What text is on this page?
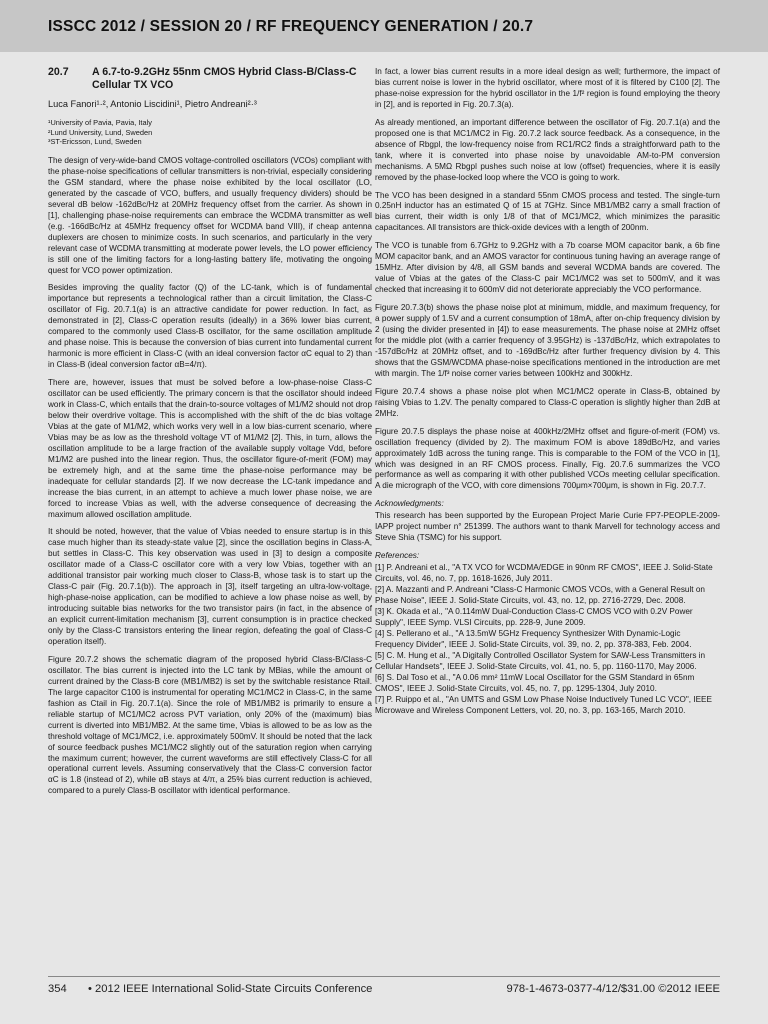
ISSCC 2012 / SESSION 20 / RF FREQUENCY GENERATION / 20.7
20.7	A 6.7-to-9.2GHz 55nm CMOS Hybrid Class-B/Class-C Cellular TX VCO
Luca Fanori¹·², Antonio Liscidini¹, Pietro Andreani²·³
¹University of Pavia, Pavia, Italy
²Lund University, Lund, Sweden
³ST-Ericsson, Lund, Sweden

The design of very-wide-band CMOS voltage-controlled oscillators (VCOs) compliant with the phase-noise specifications of cellular transmitters is non-trivial, especially considering the GSM standard, where the phase noise exhibited by the local oscillator (LO, generated by the cascade of VCO, buffers, and usually frequency dividers) should be several dB below -162dBc/Hz at 20MHz frequency offset from the carrier. As shown in [1], challenging phase-noise requirements can embrace the WCDMA transmitter as well (e.g. -166dBc/Hz at 45MHz frequency offset for WCDMA band VIII), if cheap antenna duplexers are chosen to minimize costs. In such scenarios, and particularly in the very relevant case of WCDMA transmitting at moderate power levels, the LO power efficiency is still one of the limiting factors for a long-lasting battery life, motivating the ongoing quest for VCO power optimization.

Besides improving the quality factor (Q) of the LC-tank, which is of fundamental importance but represents a technological rather than a circuit limitation, the Class-C oscillator of Fig. 20.7.1(a) is an attractive candidate for power reduction. In fact, as demonstrated in [2], Class-C operation results (ideally) in a 36% lower bias current, compared to the commonly used Class-B oscillator, for the same oscillation amplitude and phase noise. This is because the conversion of bias current into fundamental current harmonic is more efficient in Class-C (with an ideal conversion factor αC equal to 2) than in Class-B (ideal conversion factor αB=4/π).

There are, however, issues that must be solved before a low-phase-noise Class-C oscillator can be used efficiently. The primary concern is that the oscillator should indeed work in Class-C, which entails that the drain-to-source voltages of M1/M2 should not drop below their overdrive voltage. This is accomplished with the shift of the dc bias voltage Vbias at the gate of M1/M2, which works very well in a low bias-current scenario, where Vbias may be as low as the threshold voltage VT of M1/M2 [2]. This, in turn, allows the oscillation amplitude to be a large fraction of the available supply voltage Vdd, before M1/M2 are pushed into the linear region. Thus, the oscillator figure-of-merit (FOM) may be extremely high, and at the same time the phase-noise performance may be inadequate for cellular standards [2]. If we now decrease the LC-tank impedance and increase the bias current, in an attempt to achieve a much lower phase noise, we are forced to increase Vbias as well, with the adverse consequence of decreasing the maximum allowed oscillation amplitude.

It should be noted, however, that the value of Vbias needed to ensure startup is in this case much higher than its steady-state value [2], since the oscillation begins in Class-A, but settles in Class-C. This key observation was used in [3] to design a composite oscillator made of a Class-C oscillator core with a very low Vbias, together with an additional transistor pair working much closer to Class-B, whose task is to start up the Class-C pair (Fig. 20.7.1(b)). The approach in [3], itself targeting an ultra-low-voltage, high-phase-noise application, can be modified to achieve a low phase noise as well, by introducing suitable bias networks for the two transistor pairs (in fact, in the absence of an explicit current-limitation mechanism [3], current consumption is in practice checked only by the Class-C transistors entering the linear region, defeating the goal of Class-C operation itself).

Figure 20.7.2 shows the schematic diagram of the proposed hybrid Class-B/Class-C oscillator. The bias current is injected into the LC tank by MBias, while the amount of current drained by the Class-B core (MB1/MB2) is set by the switchable resistance Rtail. The large capacitor C100 is instrumental for operating MC1/MC2 in Class-C, in the same fashion as Ctail in Fig. 20.7.1(a). Since the role of MB1/MB2 is primarily to ensure a reliable startup of MC1/MC2 across PVT variation, only 20% of the (maximum) bias current is diverted into MB1/MB2. At the same time, Vbias is allowed to be as low as the threshold voltage of MC1/MC2, i.e. approximately 500mV. It should be noted that the lack of source feedback pushes MC1/MC2 slightly out of the saturation region when carrying the maximum current; however, the current waveforms are still effectively Class-C for all operational current levels. Assuming conservatively that the Class-C conversion factor αC is 1.8 (instead of 2), while αB stays at 4/π, a 25% bias current reduction is achieved, compared to a purely Class-B oscillator with identical performance.

In fact, a lower bias current results in a more ideal design as well; furthermore, the impact of bias current noise is lower in the hybrid oscillator, where most of it is filtered by C100 [2]. The phase-noise expression for the hybrid oscillator in the 1/f² region is found employing the theory in [2], and is reported in Fig. 20.7.3(a).

As already mentioned, an important difference between the oscillator of Fig. 20.7.1(a) and the proposed one is that MC1/MC2 in Fig. 20.7.2 lack source feedback. As a consequence, in the absence of Rbgpl, the low-frequency noise from RC1/RC2 finds a straightforward path to the tank, where it is converted into phase noise by unavoidable AM-to-PM conversion mechanisms. A 5MΩ Rbgpl pushes such noise at low (offset) frequencies, where it is easily removed by the phase-locked loop where the VCO is going to work.

The VCO has been designed in a standard 55nm CMOS process and tested. The single-turn 0.25nH inductor has an estimated Q of 15 at 7GHz. Since MB1/MB2 carry a small fraction of bias current, their width is only 1/8 of that of MC1/MC2, which minimizes the parasitic capacitances. All transistors are thick-oxide devices with a length of 200nm.

The VCO is tunable from 6.7GHz to 9.2GHz with a 7b coarse MOM capacitor bank, a 6b fine MOM capacitor bank, and an AMOS varactor for continuous tuning having an average range of 15MHz. After division by 4/8, all GSM bands and several WCDMA bands are covered. The value of Vbias at the gates of the Class-C pair MC1/MC2 was set to 500mV, and it was checked that increasing it to 600mV did not deteriorate appreciably the VCO performance.

Figure 20.7.3(b) shows the phase noise plot at minimum, middle, and maximum frequency, for a power supply of 1.5V and a current consumption of 18mA, after on-chip frequency division by 2 (using the divider presented in [4]) to ease measurements. The phase noise at 2MHz offset for the middle plot (with a carrier frequency of 3.95GHz) is -137dBc/Hz, which extrapolates to -157dBc/Hz at 20MHz offset, and to -169dBc/Hz after further frequency division by 4. This shows that the GSM/WCDMA phase-noise specifications mentioned in the introduction are met with margin. The 1/f³ noise corner varies between 100kHz and 300kHz.

Figure 20.7.4 shows a phase noise plot when MC1/MC2 operate in Class-B, obtained by raising Vbias to 1.2V. The penalty compared to Class-C operation is slightly higher than 2dB at 2MHz.

Figure 20.7.5 displays the phase noise at 400kHz/2MHz offset and figure-of-merit (FOM) vs. oscillation frequency (divided by 2). The maximum FOM is above 189dBc/Hz, and varies approximately 1dB across the tuning range. This is comparable to the FOM of the VCO in [1], which was designed in an RF CMOS process. Finally, Fig. 20.7.6 summarizes the VCO performance as well as comparing it with other published VCOs meeting cellular specification. A die micrograph of the VCO, with core dimensions 700μm×700μm, is shown in Fig. 20.7.7.

Acknowledgments:

This research has been supported by the European Project Marie Curie FP7-PEOPLE-2009-IAPP project number n° 251399. The authors want to thank Marvell for technology access and Steve Shia (TSMC) for his support.

References:
[1] P. Andreani et al., "A TX VCO for WCDMA/EDGE in 90nm RF CMOS", IEEE J. Solid-State Circuits, vol. 46, no. 7, pp. 1618-1626, July 2011.
[2] A. Mazzanti and P. Andreani "Class-C Harmonic CMOS VCOs, with a General Result on Phase Noise", IEEE J. Solid-State Circuits, vol. 43, no. 12, pp. 2716-2729, Dec. 2008.
[3] K. Okada et al., "A 0.114mW Dual-Conduction Class-C CMOS VCO with 0.2V Power Supply", IEEE Symp. VLSI Circuits, pp. 228-9, June 2009.
[4] S. Pellerano et al., "A 13.5mW 5GHz Frequency Synthesizer With Dynamic-Logic Frequency Divider", IEEE J. Solid-State Circuits, vol. 39, no. 2, pp. 378-383, Feb. 2004.
[5] C. M. Hung et al., "A Digitally Controlled Oscillator System for SAW-Less Transmitters in Cellular Handsets", IEEE J. Solid-State Circuits, vol. 41, no. 5, pp. 1160-1170, May 2006.
[6] S. Dal Toso et al., "A 0.06 mm² 11mW Local Oscillator for the GSM Standard in 65nm CMOS", IEEE J. Solid-State Circuits, vol. 45, no. 7, pp. 1295-1304, July 2010.
[7] P. Ruippo et al., "An UMTS and GSM Low Phase Noise Inductively Tuned LC VCO", IEEE Microwave and Wireless Component Letters, vol. 20, no. 3, pp. 163-165, March 2010.
354 • 2012 IEEE International Solid-State Circuits Conference	978-1-4673-0377-4/12/$31.00 ©2012 IEEE
